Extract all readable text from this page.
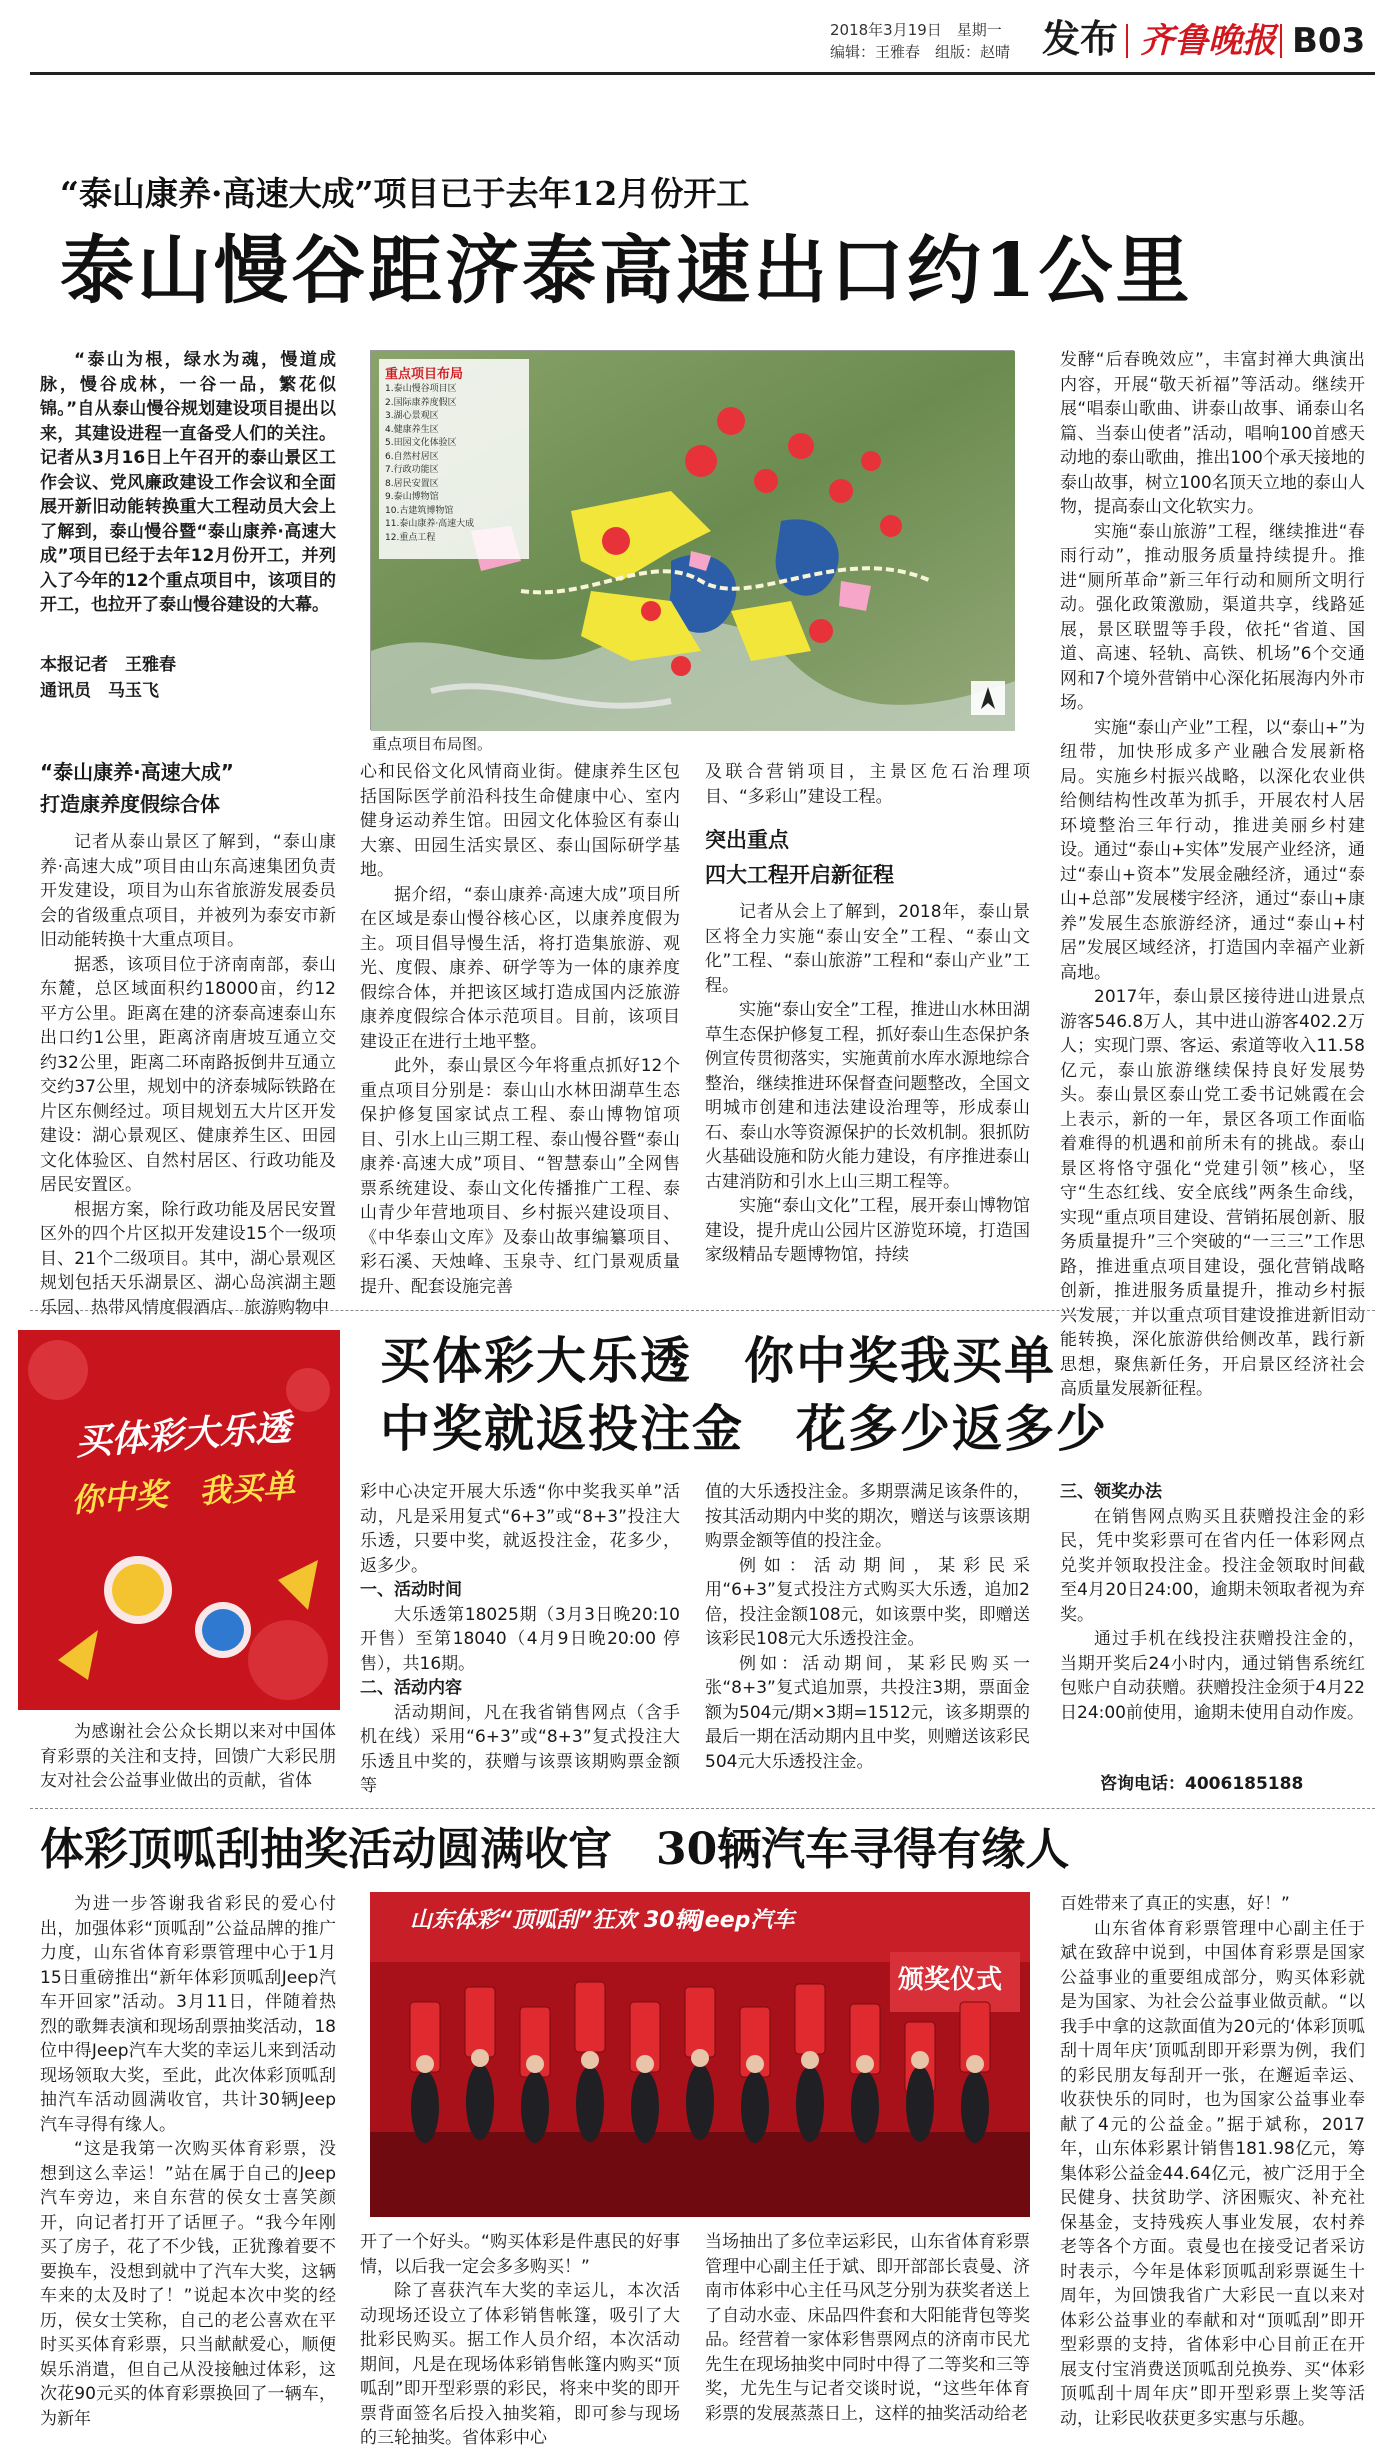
2018年3月19日　星期一
编辑：王雅春　组版：赵晴 发布 齐鲁晚报 B03
“泰山康养·高速大成”项目已于去年12月份开工
泰山慢谷距济泰高速出口约1公里

“泰山为根，绿水为魂，慢道成脉，慢谷成林，一谷一品，繁花似锦。”自从泰山慢谷规划建设项目提出以来，其建设进程一直备受人们的关注。记者从3月16日上午召开的泰山景区工作会议、党风廉政建设工作会议和全面展开新旧动能转换重大工程动员大会上了解到，泰山慢谷暨“泰山康养·高速大成”项目已经于去年12月份开工，并列入了今年的12个重点项目中，该项目的开工，也拉开了泰山慢谷建设的大幕。

本报记者　王雅春
通讯员　马玉飞
重点项目布局
1.泰山慢谷项目区
2.国际康养度假区
3.湖心景观区
4.健康养生区
5.田园文化体验区
6.自然村居区
7.行政功能区
8.居民安置区
9.泰山博物馆
10.古建筑博物馆
11.泰山康养·高速大成
12.重点工程
重点项目布局图。
“泰山康养·高速大成”
打造康养度假综合体

记者从泰山景区了解到，“泰山康养·高速大成”项目由山东高速集团负责开发建设，项目为山东省旅游发展委员会的省级重点项目，并被列为泰安市新旧动能转换十大重点项目。

据悉，该项目位于济南南部，泰山东麓，总区域面积约18000亩，约12平方公里。距离在建的济泰高速泰山东出口约1公里，距离济南唐坡互通立交约32公里，距离二环南路扳倒井互通立交约37公里，规划中的济泰城际铁路在片区东侧经过。项目规划五大片区开发建设：湖心景观区、健康养生区、田园文化体验区、自然村居区、行政功能及居民安置区。

根据方案，除行政功能及居民安置区外的四个片区拟开发建设15个一级项目、21个二级项目。其中，湖心景观区规划包括天乐湖景区、湖心岛滨湖主题乐园、热带风情度假酒店、旅游购物中

心和民俗文化风情商业街。健康养生区包括国际医学前沿科技生命健康中心、室内健身运动养生馆。田园文化体验区有泰山大寨、田园生活实景区、泰山国际研学基地。

据介绍，“泰山康养·高速大成”项目所在区域是泰山慢谷核心区，以康养度假为主。项目倡导慢生活，将打造集旅游、观光、度假、康养、研学等为一体的康养度假综合体，并把该区域打造成国内泛旅游康养度假综合体示范项目。目前，该项目建设正在进行土地平整。

此外，泰山景区今年将重点抓好12个重点项目分别是：泰山山水林田湖草生态保护修复国家试点工程、泰山博物馆项目、引水上山三期工程、泰山慢谷暨“泰山康养·高速大成”项目、“智慧泰山”全网售票系统建设、泰山文化传播推广工程、泰山青少年营地项目、乡村振兴建设项目、《中华泰山文库》及泰山故事编纂项目、彩石溪、天烛峰、玉泉寺、红门景观质量提升、配套设施完善

及联合营销项目，主景区危石治理项目、“多彩山”建设工程。

突出重点
四大工程开启新征程

记者从会上了解到，2018年，泰山景区将全力实施“泰山安全”工程、“泰山文化”工程、“泰山旅游”工程和“泰山产业”工程。

实施“泰山安全”工程，推进山水林田湖草生态保护修复工程，抓好泰山生态保护条例宣传贯彻落实，实施黄前水库水源地综合整治，继续推进环保督查问题整改，全国文明城市创建和违法建设治理等，形成泰山石、泰山水等资源保护的长效机制。狠抓防火基础设施和防火能力建设，有序推进泰山古建消防和引水上山三期工程等。

实施“泰山文化”工程，展开泰山博物馆建设，提升虎山公园片区游览环境，打造国家级精品专题博物馆，持续

发酵“后春晚效应”，丰富封禅大典演出内容，开展“敬天祈福”等活动。继续开展“唱泰山歌曲、讲泰山故事、诵泰山名篇、当泰山使者”活动，唱响100首感天动地的泰山歌曲，推出100个承天接地的泰山故事，树立100名顶天立地的泰山人物，提高泰山文化软实力。

实施“泰山旅游”工程，继续推进“春雨行动”，推动服务质量持续提升。推进“厕所革命”新三年行动和厕所文明行动。强化政策激励，渠道共享，线路延展，景区联盟等手段，依托“省道、国道、高速、轻轨、高铁、机场”6个交通网和7个境外营销中心深化拓展海内外市场。

实施“泰山产业”工程，以“泰山+”为纽带，加快形成多产业融合发展新格局。实施乡村振兴战略，以深化农业供给侧结构性改革为抓手，开展农村人居环境整治三年行动，推进美丽乡村建设。通过“泰山+实体”发展产业经济，通过“泰山+资本”发展金融经济，通过“泰山+总部”发展楼宇经济，通过“泰山+康养”发展生态旅游经济，通过“泰山+村居”发展区域经济，打造国内幸福产业新高地。

2017年，泰山景区接待进山进景点游客546.8万人，其中进山游客402.2万人；实现门票、客运、索道等收入11.58亿元，泰山旅游继续保持良好发展势头。泰山景区泰山党工委书记姚霞在会上表示，新的一年，景区各项工作面临着难得的机遇和前所未有的挑战。泰山景区将恪守强化“党建引领”核心，坚守“生态红线、安全底线”两条生命线，实现“重点项目建设、营销拓展创新、服务质量提升”三个突破的“一三三”工作思路，推进重点项目建设，强化营销战略创新，推进服务质量提升，推动乡村振兴发展，并以重点项目建设推进新旧动能转换，深化旅游供给侧改革，践行新思想，聚焦新任务，开启景区经济社会高质量发展新征程。

买体彩大乐透
你中奖　我买单
买体彩大乐透　你中奖我买单
中奖就返投注金　花多少返多少

为感谢社会公众长期以来对中国体育彩票的关注和支持，回馈广大彩民朋友对社会公益事业做出的贡献，省体

彩中心决定开展大乐透“你中奖我买单”活动，凡是采用复式“6+3”或“8+3”投注大乐透，只要中奖，就返投注金，花多少，返多少。

一、活动时间

大乐透第18025期（3月3日晚20:10开售）至第18040（4月9日晚20:00 停售），共16期。

二、活动内容

活动期间，凡在我省销售网点（含手机在线）采用“6+3”或“8+3”复式投注大乐透且中奖的，获赠与该票该期购票金额等

值的大乐透投注金。多期票满足该条件的，按其活动期内中奖的期次，赠送与该票该期购票金额等值的投注金。

例如：活动期间，某彩民采用“6+3”复式投注方式购买大乐透，追加2倍，投注金额108元，如该票中奖，即赠送该彩民108元大乐透投注金。

例如：活动期间，某彩民购买一张“8+3”复式追加票，共投注3期，票面金额为504元/期×3期=1512元，该多期票的最后一期在活动期内且中奖，则赠送该彩民504元大乐透投注金。

三、领奖办法

在销售网点购买且获赠投注金的彩民，凭中奖彩票可在省内任一体彩网点兑奖并领取投注金。投注金领取时间截至4月20日24:00，逾期未领取者视为弃奖。

通过手机在线投注获赠投注金的，当期开奖后24小时内，通过销售系统红包账户自动获赠。获赠投注金须于4月22日24:00前使用，逾期未使用自动作废。

咨询电话：4006185188
体彩顶呱刮抽奖活动圆满收官　30辆汽车寻得有缘人

为进一步答谢我省彩民的爱心付出，加强体彩“顶呱刮”公益品牌的推广力度，山东省体育彩票管理中心于1月15日重磅推出“新年体彩顶呱刮Jeep汽车开回家”活动。3月11日，伴随着热烈的歌舞表演和现场刮票抽奖活动，18位中得Jeep汽车大奖的幸运儿来到活动现场领取大奖，至此，此次体彩顶呱刮抽汽车活动圆满收官，共计30辆Jeep汽车寻得有缘人。

“这是我第一次购买体育彩票，没想到这么幸运！”站在属于自己的Jeep汽车旁边，来自东营的侯女士喜笑颜开，向记者打开了话匣子。“我今年刚买了房子，花了不少钱，正犹豫着要不要换车，没想到就中了汽车大奖，这辆车来的太及时了！”说起本次中奖的经历，侯女士笑称，自己的老公喜欢在平时买买体育彩票，只当献献爱心，顺便娱乐消遣，但自己从没接触过体彩，这次花90元买的体育彩票换回了一辆车，为新年

山东体彩“顶呱刮”狂欢 30辆Jeep汽车
颁奖仪式

开了一个好头。“购买体彩是件惠民的好事情，以后我一定会多多购买！”

除了喜获汽车大奖的幸运儿，本次活动现场还设立了体彩销售帐篷，吸引了大批彩民购买。据工作人员介绍，本次活动期间，凡是在现场体彩销售帐篷内购买“顶呱刮”即开型彩票的彩民，将来中奖的即开票背面签名后投入抽奖箱，即可参与现场的三轮抽奖。省体彩中心

当场抽出了多位幸运彩民，山东省体育彩票管理中心副主任于斌、即开部部长袁曼、济南市体彩中心主任马风芝分别为获奖者送上了自动水壶、床品四件套和大阳能背包等奖品。经营着一家体彩售票网点的济南市民尤先生在现场抽奖中同时中得了二等奖和三等奖，尤先生与记者交谈时说，“这些年体育彩票的发展蒸蒸日上，这样的抽奖活动给老

百姓带来了真正的实惠，好！”

山东省体育彩票管理中心副主任于斌在致辞中说到，中国体育彩票是国家公益事业的重要组成部分，购买体彩就是为国家、为社会公益事业做贡献。“以我手中拿的这款面值为20元的‘体彩顶呱刮十周年庆’顶呱刮即开彩票为例，我们的彩民朋友每刮开一张，在邂逅幸运、收获快乐的同时，也为国家公益事业奉献了4元的公益金。”据于斌称，2017年，山东体彩累计销售181.98亿元，筹集体彩公益金44.64亿元，被广泛用于全民健身、扶贫助学、济困赈灾、补充社保基金，支持残疾人事业发展，农村养老等各个方面。袁曼也在接受记者采访时表示，今年是体彩顶呱刮彩票诞生十周年，为回馈我省广大彩民一直以来对体彩公益事业的奉献和对“顶呱刮”即开型彩票的支持，省体彩中心目前正在开展支付宝消费送顶呱刮兑换券、买“体彩顶呱刮十周年庆”即开型彩票上奖等活动，让彩民收获更多实惠与乐趣。
